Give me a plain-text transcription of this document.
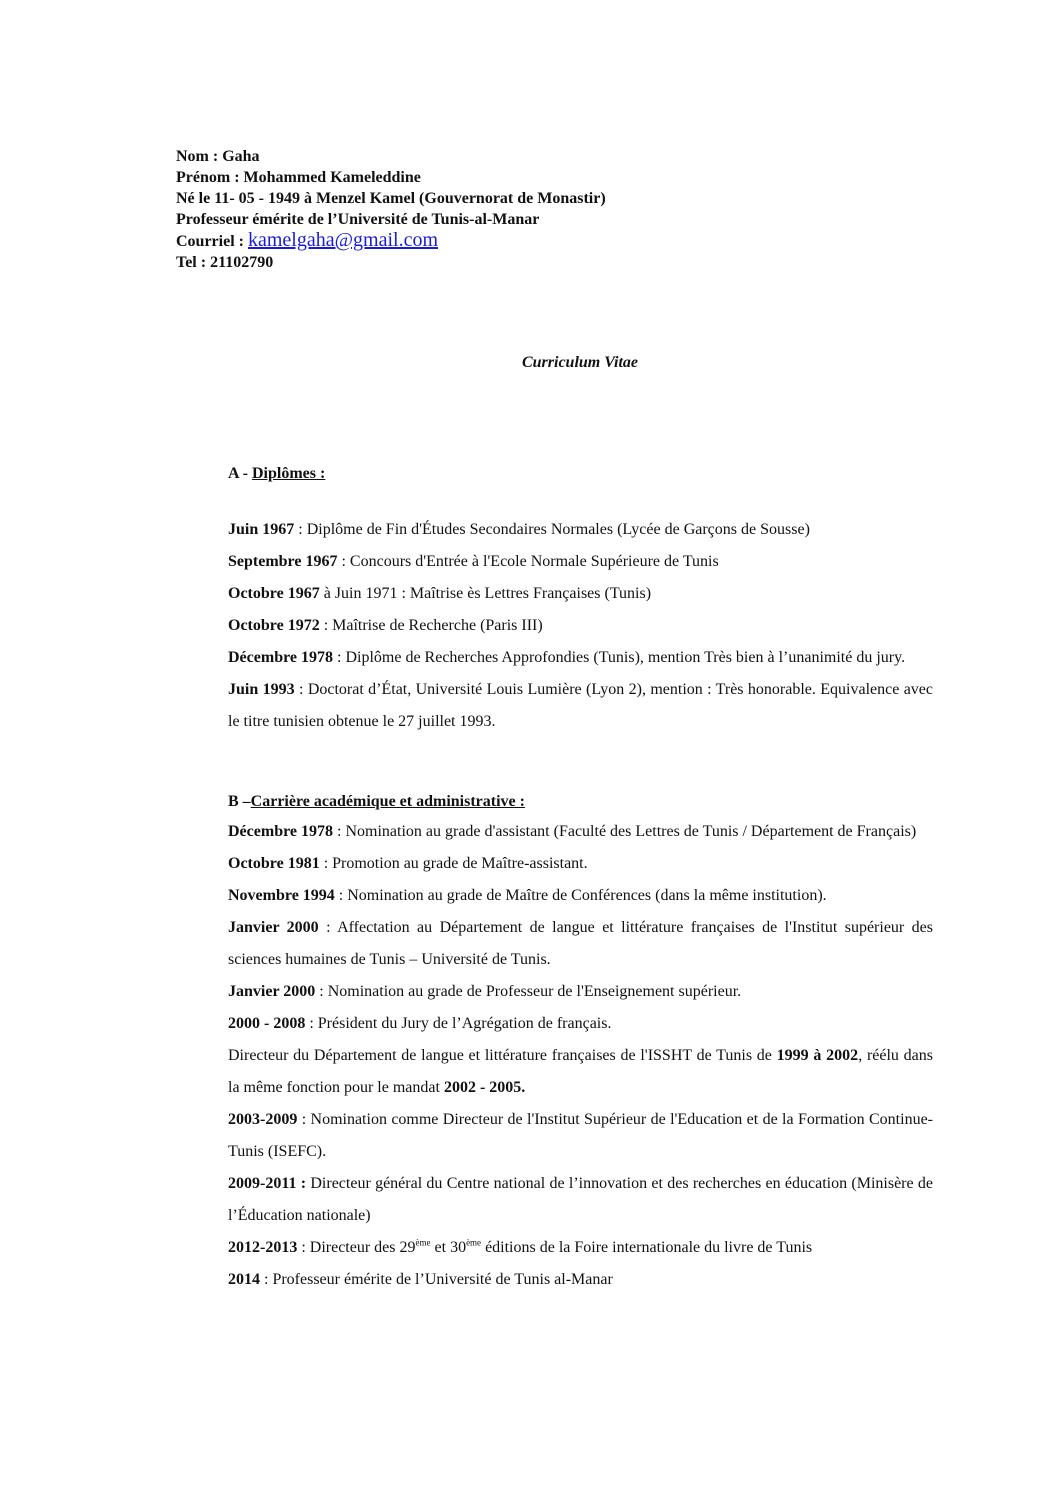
Nom : Gaha
Prénom : Mohammed Kameleddine
Né le 11- 05 - 1949 à Menzel Kamel (Gouvernorat de Monastir)
Professeur émérite de l’Université de Tunis-al-Manar
Courriel : kamelgaha@gmail.com
Tel : 21102790
Curriculum Vitae
A - Diplômes :
Juin 1967 : Diplôme de Fin d'Études Secondaires Normales (Lycée de Garçons de Sousse)
Septembre 1967 : Concours d'Entrée à l'Ecole Normale Supérieure de Tunis
Octobre 1967 à Juin 1971 : Maîtrise ès Lettres Françaises (Tunis)
Octobre 1972 : Maîtrise de Recherche (Paris III)
Décembre 1978 : Diplôme de Recherches Approfondies (Tunis), mention Très bien à l’unanimité du jury.
Juin 1993 : Doctorat d’État, Université Louis Lumière (Lyon 2), mention : Très honorable. Equivalence avec le titre tunisien obtenue le 27 juillet 1993.
B –Carrière académique et administrative :
Décembre 1978 : Nomination au grade d'assistant (Faculté des Lettres de Tunis / Département de Français)
Octobre 1981 : Promotion au grade de Maître-assistant.
Novembre 1994 : Nomination au grade de Maître de Conférences (dans la même institution).
Janvier 2000 : Affectation au Département de langue et littérature françaises de l'Institut supérieur des sciences humaines de Tunis – Université de Tunis.
Janvier 2000 : Nomination au grade de Professeur de l'Enseignement supérieur.
2000 - 2008 : Président du Jury de l’Agrégation de français.
Directeur du Département de langue et littérature françaises de l'ISSHT de Tunis de 1999 à 2002, réélu dans la même fonction pour le mandat 2002 - 2005.
2003-2009 : Nomination comme Directeur de l'Institut Supérieur de l'Education et de la Formation Continue-Tunis (ISEFC).
2009-2011 : Directeur général du Centre national de l’innovation et des recherches en éducation (Minisère de l’Éducation nationale)
2012-2013 : Directeur des 29ème et 30ème éditions de la Foire internationale du livre de Tunis
2014 : Professeur émérite de l’Université de Tunis al-Manar
